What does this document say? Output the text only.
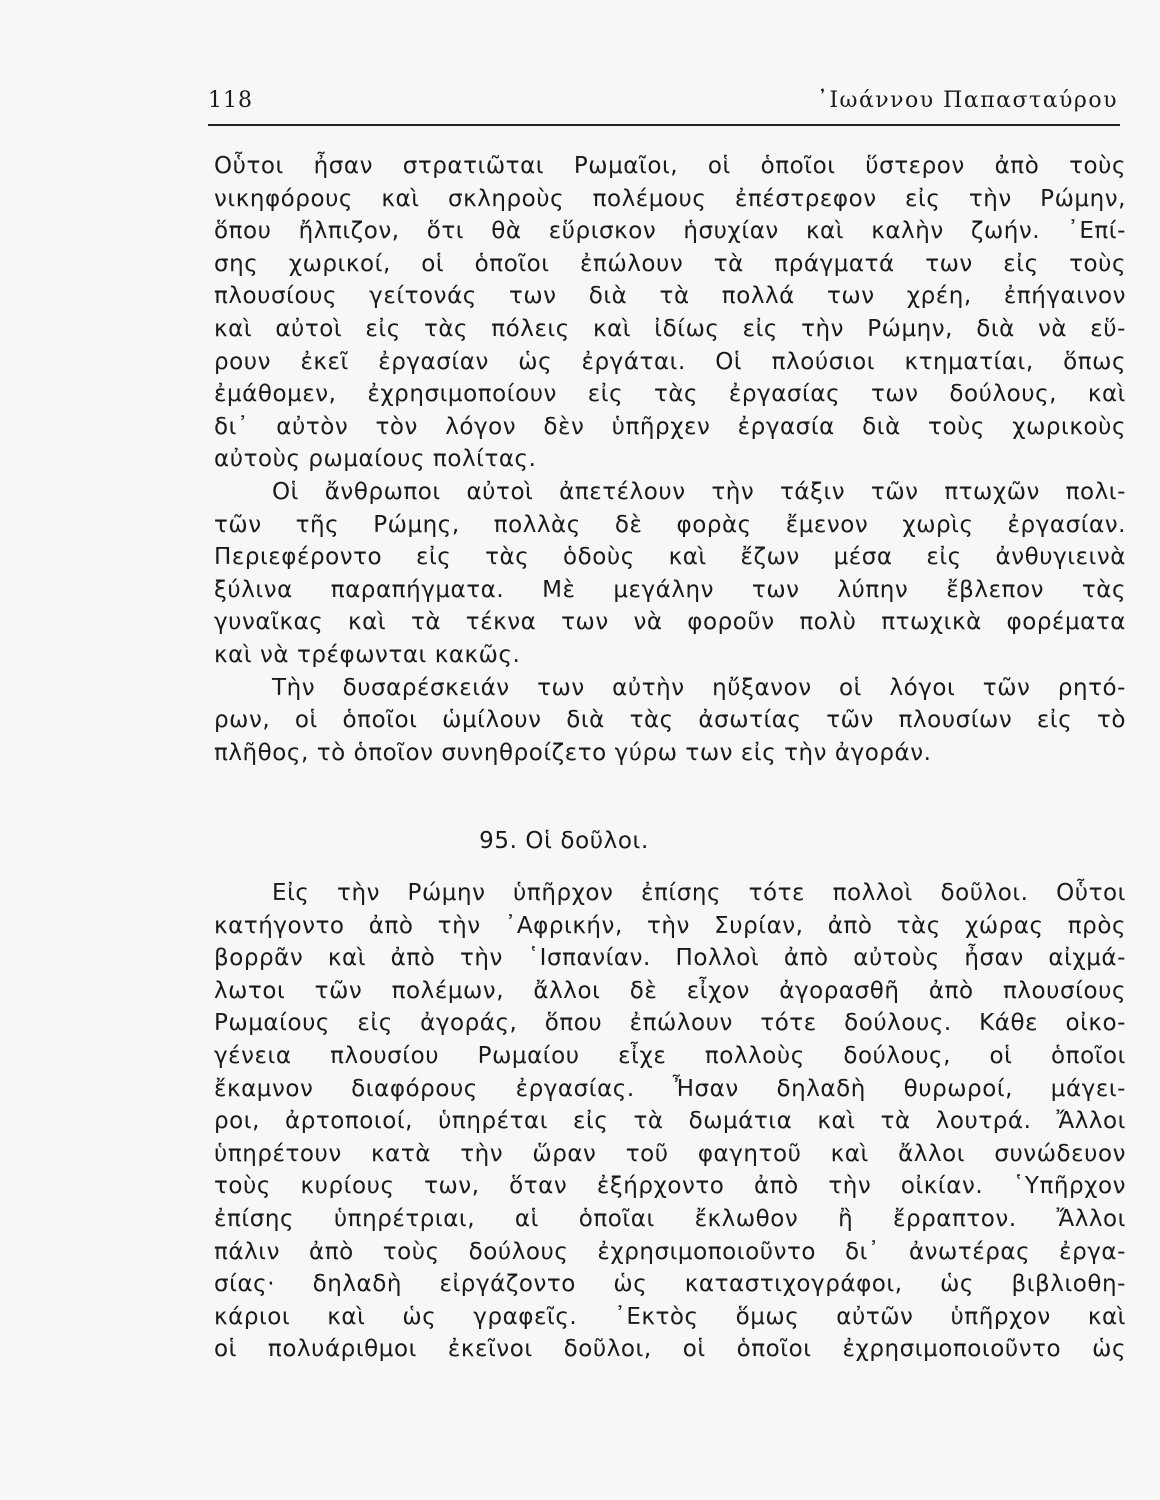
118	᾿Ιωάννου Παπασταύρου
Οὗτοι ἦσαν στρατιῶται Ρωμαῖοι, οἱ ὁποῖοι ὕστερον ἀπὸ τοὺς
νικηφόρους καὶ σκληροὺς πολέμους ἐπέστρεφον εἰς τὴν Ρώμην,
ὅπου ἤλπιζον, ὅτι θὰ εὕρισκον ἡσυχίαν καὶ καλὴν ζωήν. ᾿Επί-
σης χωρικοί, οἱ ὁποῖοι ἐπώλουν τὰ πράγματά των εἰς τοὺς
πλουσίους γείτονάς των διὰ τὰ πολλά των χρέη, ἐπήγαινον
καὶ αὐτοὶ εἰς τὰς πόλεις καὶ ἰδίως εἰς τὴν Ρώμην, διὰ νὰ εὕ-
ρουν ἐκεῖ ἐργασίαν ὡς ἐργάται. Οἱ πλούσιοι κτηματίαι, ὅπως
ἐμάθομεν, ἐχρησιμοποίουν εἰς τὰς ἐργασίας των δούλους, καὶ
δι᾿ αὐτὸν τὸν λόγον δὲν ὑπῆρχεν ἐργασία διὰ τοὺς χωρικοὺς
αὐτοὺς ρωμαίους πολίτας.
Οἱ ἄνθρωποι αὐτοὶ ἀπετέλουν τὴν τάξιν τῶν πτωχῶν πολι-
τῶν τῆς Ρώμης, πολλὰς δὲ φορὰς ἔμενον χωρὶς ἐργασίαν.
Περιεφέροντο εἰς τὰς ὁδοὺς καὶ ἔζων μέσα εἰς ἀνθυγιεινὰ
ξύλινα παραπήγματα. Μὲ μεγάλην των λύπην ἔβλεπον τὰς
γυναῖκας καὶ τὰ τέκνα των νὰ φοροῦν πολὺ πτωχικὰ φορέματα
καὶ νὰ τρέφωνται κακῶς.
Τὴν δυσαρέσκειάν των αὐτὴν ηὔξανον οἱ λόγοι τῶν ρητό-
ρων, οἱ ὁποῖοι ὡμίλουν διὰ τὰς ἀσωτίας τῶν πλουσίων εἰς τὸ
πλῆθος, τὸ ὁποῖον συνηθροίζετο γύρω των εἰς τὴν ἀγοράν.
95. Οἱ δοῦλοι.
Εἰς τὴν Ρώμην ὑπῆρχον ἐπίσης τότε πολλοὶ δοῦλοι. Οὗτοι
κατήγοντο ἀπὸ τὴν ᾿Αφρικήν, τὴν Συρίαν, ἀπὸ τὰς χώρας πρὸς
βορρᾶν καὶ ἀπὸ τὴν ῾Ισπανίαν. Πολλοὶ ἀπὸ αὐτοὺς ἦσαν αἰχμά-
λωτοι τῶν πολέμων, ἄλλοι δὲ εἶχον ἀγορασθῆ ἀπὸ πλουσίους
Ρωμαίους εἰς ἀγοράς, ὅπου ἐπώλουν τότε δούλους. Κάθε οἰκο-
γένεια πλουσίου Ρωμαίου εἶχε πολλοὺς δούλους, οἱ ὁποῖοι
ἔκαμνον διαφόρους ἐργασίας. Ἦσαν δηλαδὴ θυρωροί, μάγει-
ροι, ἀρτοποιοί, ὑπηρέται εἰς τὰ δωμάτια καὶ τὰ λουτρά. Ἄλλοι
ὑπηρέτουν κατὰ τὴν ὥραν τοῦ φαγητοῦ καὶ ἄλλοι συνώδευον
τοὺς κυρίους των, ὅταν ἐξήρχοντο ἀπὸ τὴν οἰκίαν. ῾Υπῆρχον
ἐπίσης ὑπηρέτριαι, αἱ ὁποῖαι ἔκλωθον ἢ ἔρραπτον. Ἄλλοι
πάλιν ἀπὸ τοὺς δούλους ἐχρησιμοποιοῦντο δι᾿ ἀνωτέρας ἐργα-
σίας· δηλαδὴ εἰργάζοντο ὡς καταστιχογράφοι, ὡς βιβλιοθη-
κάριοι καὶ ὡς γραφεῖς. ᾿Εκτὸς ὅμως αὐτῶν ὑπῆρχον καὶ
οἱ πολυάριθμοι ἐκεῖνοι δοῦλοι, οἱ ὁποῖοι ἐχρησιμοποιοῦντο ὡς
